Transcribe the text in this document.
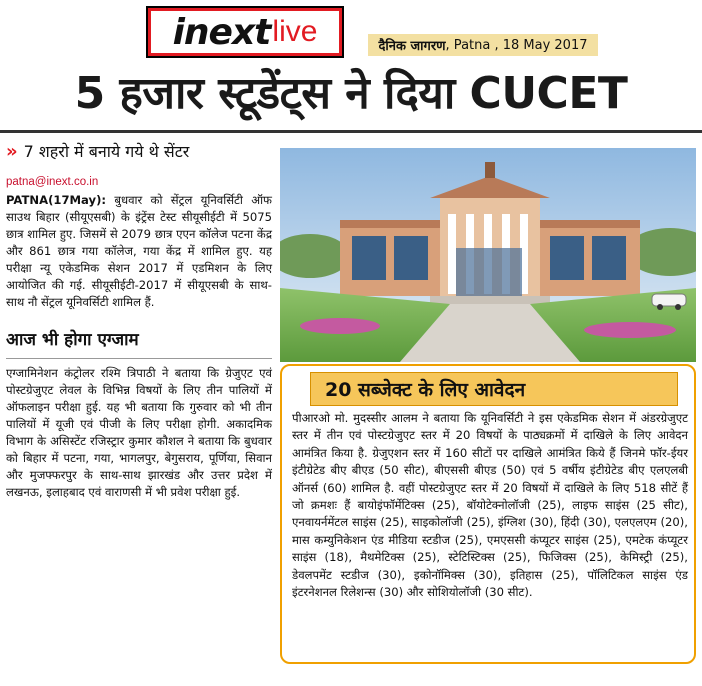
inext live	दैनिक जागरण , Patna , 18 May 2017
5 हजार स्टूडेंट्स ने दिया CUCET
» 7 शहरो में बनाये गये थे सेंटर
patna@inext.co.in

PATNA(17May): बुधवार को सेंट्रल यूनिवर्सिटी ऑफ साउथ बिहार (सीयूएसबी) के इंट्रेंस टेस्ट सीयूसीईटी में 5075 छात्र शामिल हुए. जिसमें से 2079 छात्र एएन कॉलेज पटना केंद्र और 861 छात्र गया कॉलेज, गया केंद्र में शामिल हुए. यह परीक्षा न्यू एकेडमिक सेशन 2017 में एडमिशन के लिए आयोजित की गई. सीयूसीईटी-2017 में सीयूएसबी के साथ-साथ नौ सेंट्रल यूनिवर्सिटी शामिल हैं.

आज भी होगा एग्जाम

एग्जामिनेशन कंट्रोलर रश्मि त्रिपाठी ने बताया कि ग्रेजुएट एवं पोस्टग्रेजुएट लेवल के विभिन्न विषयों के लिए तीन पालियों में ऑफलाइन परीक्षा हुई. यह भी बताया कि गुरुवार को भी तीन पालियों में यूजी एवं पीजी के लिए परीक्षा होगी. अकादमिक विभाग के असिस्टेंट रजिस्ट्रार कुमार कौशल ने बताया कि बुधवार को बिहार में पटना, गया, भागलपुर, बेगुसराय, पूर्णिया, सिवान और मुजफ्फरपुर के साथ-साथ झारखंड और उत्तर प्रदेश में लखनऊ, इलाहबाद एवं वाराणसी में भी प्रवेश परीक्षा हुई.

20 सब्जेक्ट के लिए आवेदन

पीआरओ मो. मुदस्सीर आलम ने बताया कि यूनिवर्सिटी ने इस एकेडमिक सेशन में अंडरग्रेजुएट स्तर में तीन एवं पोस्टग्रेजुएट स्तर में 20 विषयों के पाठ्यक्रमों में दाखिले के लिए आवेदन आमंत्रित किया है. ग्रेजुएशन स्तर में 160 सीटों पर दाखिले आमंत्रित किये हैं जिनमे फॉर-ईयर इंटीग्रेटेड बीए बीएड (50 सीट), बीएससी बीएड (50) एवं 5 वर्षीय इंटीग्रेटेड बीए एलएलबी ऑनर्स (60) शामिल है. वहीं पोस्टग्रेजुएट स्तर में 20 विषयों में दाखिले के लिए 518 सीटें हैं जो क्रमशः हैं बायोइंफॉर्मेटिक्स (25), बॉयोटेक्नोलॉजी (25), लाइफ साइंस (25 सीट), एनवायर्नमेंटल साइंस (25), साइकोलॉजी (25), इंग्लिश (30), हिंदी (30), एलएलएम (20), मास कम्युनिकेशन एंड मीडिया स्टडीज (25), एमएससी कंप्यूटर साइंस (25), एमटेक कंप्यूटर साइंस (18), मैथमेटिक्स (25), स्टेटिस्टिक्स (25), फिजिक्स (25), केमिस्ट्री (25), डेवलपमेंट स्टडीज (30), इकोनॉमिक्स (30), इतिहास (25), पॉलिटिकल साइंस एंड इंटरनेशनल रिलेशन्स (30) और सोशियोलॉजी (30 सीट).
